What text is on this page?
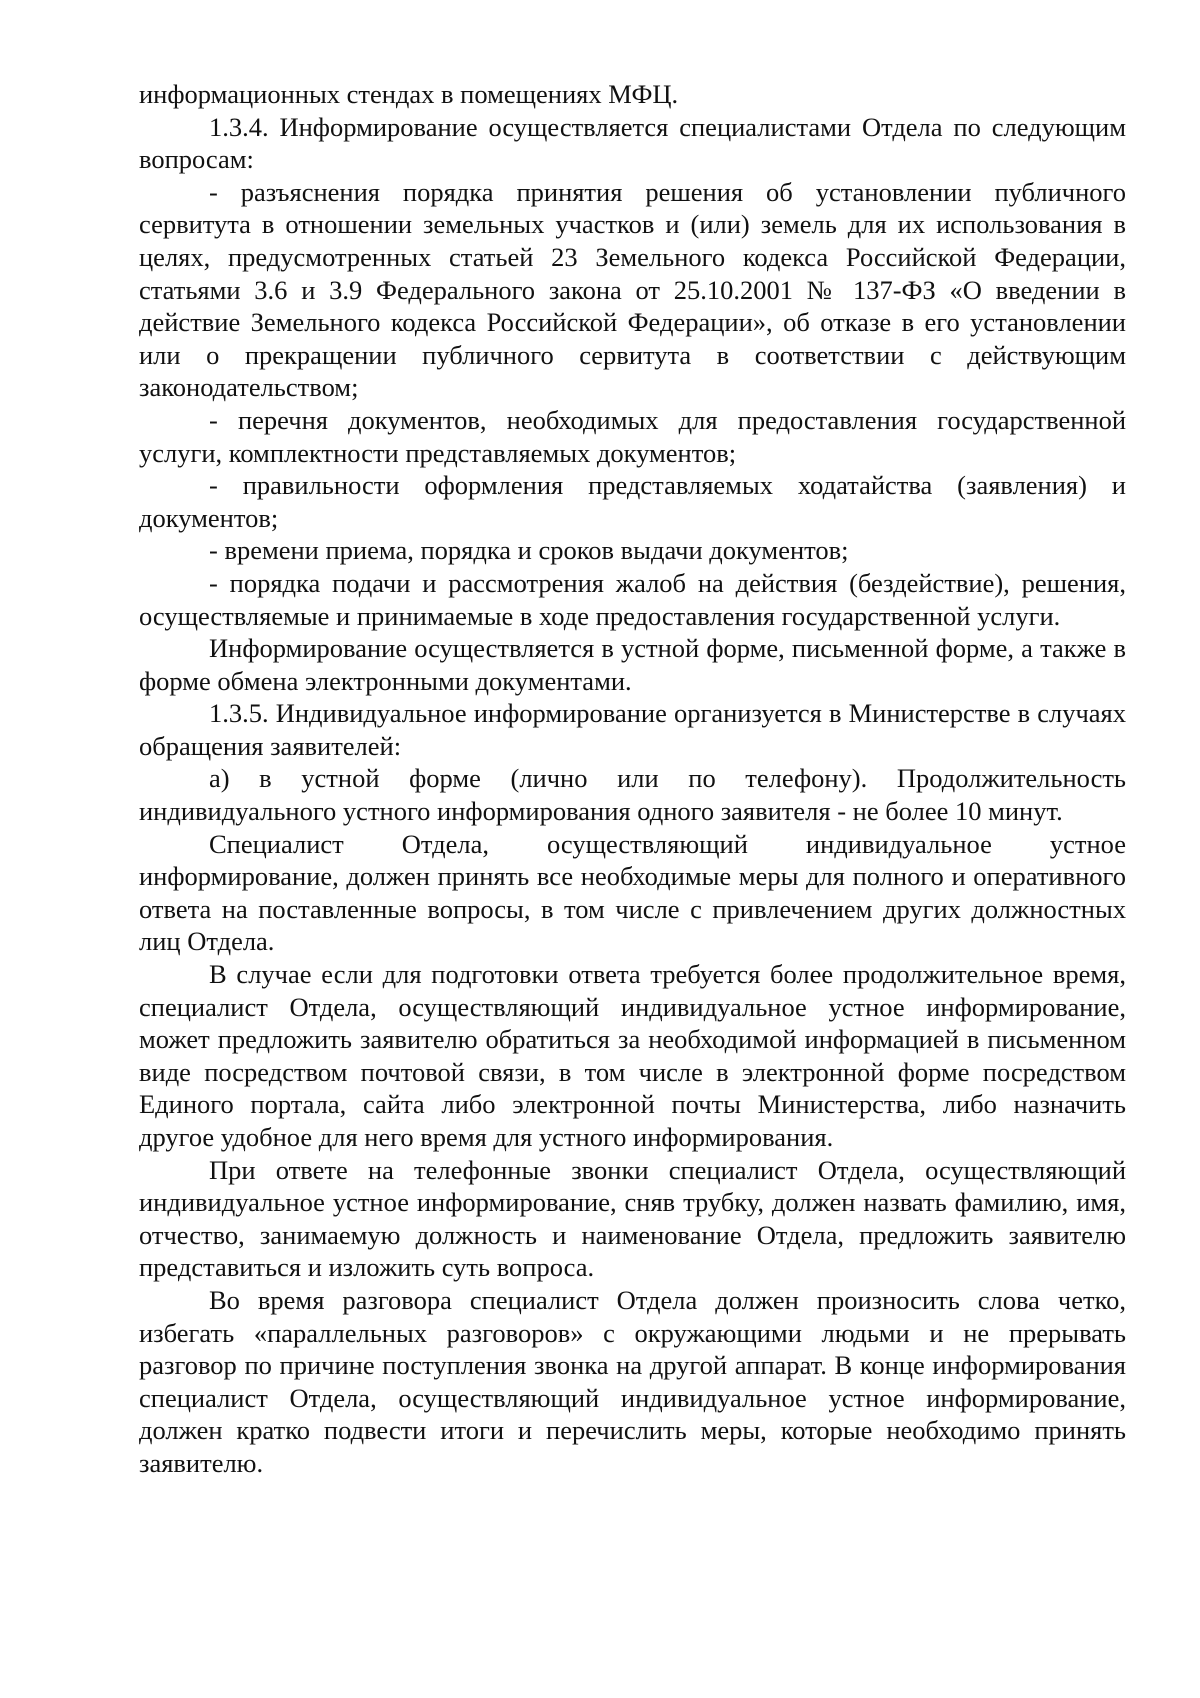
информационных стендах в помещениях МФЦ.

1.3.4. Информирование осуществляется специалистами Отдела по следующим вопросам:

- разъяснения порядка принятия решения об установлении публичного сервитута в отношении земельных участков и (или) земель для их использования в целях, предусмотренных статьей 23 Земельного кодекса Российской Федерации, статьями 3.6 и 3.9 Федерального закона от 25.10.2001 № 137-ФЗ «О введении в действие Земельного кодекса Российской Федерации», об отказе в его установлении или о прекращении публичного сервитута в соответствии с действующим законодательством;

- перечня документов, необходимых для предоставления государственной услуги, комплектности представляемых документов;

- правильности оформления представляемых ходатайства (заявления) и документов;

- времени приема, порядка и сроков выдачи документов;

- порядка подачи и рассмотрения жалоб на действия (бездействие), решения, осуществляемые и принимаемые в ходе предоставления государственной услуги.

Информирование осуществляется в устной форме, письменной форме, а также в форме обмена электронными документами.

1.3.5. Индивидуальное информирование организуется в Министерстве в случаях обращения заявителей:

а) в устной форме (лично или по телефону). Продолжительность индивидуального устного информирования одного заявителя - не более 10 минут.

Специалист Отдела, осуществляющий индивидуальное устное информирование, должен принять все необходимые меры для полного и оперативного ответа на поставленные вопросы, в том числе с привлечением других должностных лиц Отдела.

В случае если для подготовки ответа требуется более продолжительное время, специалист Отдела, осуществляющий индивидуальное устное информирование, может предложить заявителю обратиться за необходимой информацией в письменном виде посредством почтовой связи, в том числе в электронной форме посредством Единого портала, сайта либо электронной почты Министерства, либо назначить другое удобное для него время для устного информирования.

При ответе на телефонные звонки специалист Отдела, осуществляющий индивидуальное устное информирование, сняв трубку, должен назвать фамилию, имя, отчество, занимаемую должность и наименование Отдела, предложить заявителю представиться и изложить суть вопроса.

Во время разговора специалист Отдела должен произносить слова четко, избегать «параллельных разговоров» с окружающими людьми и не прерывать разговор по причине поступления звонка на другой аппарат. В конце информирования специалист Отдела, осуществляющий индивидуальное устное информирование, должен кратко подвести итоги и перечислить меры, которые необходимо принять заявителю.
